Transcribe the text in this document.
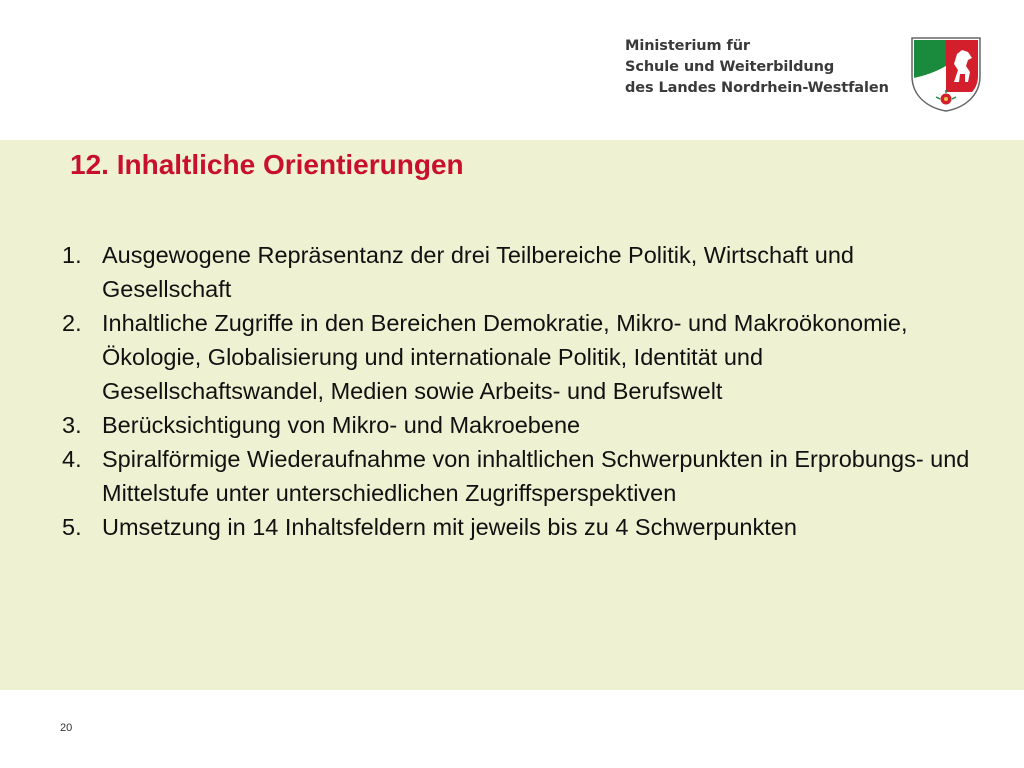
Ministerium für
Schule und Weiterbildung
des Landes Nordrhein-Westfalen
12. Inhaltliche Orientierungen
1. Ausgewogene Repräsentanz der drei Teilbereiche Politik, Wirtschaft und Gesellschaft
2. Inhaltliche Zugriffe in den Bereichen Demokratie, Mikro- und Makroökonomie, Ökologie, Globalisierung und internationale Politik, Identität und Gesellschaftswandel, Medien sowie Arbeits- und Berufswelt
3. Berücksichtigung von Mikro- und Makroebene
4. Spiralförmige Wiederaufnahme von inhaltlichen Schwerpunkten in Erprobungs- und Mittelstufe unter unterschiedlichen Zugriffsperspektiven
5. Umsetzung in 14 Inhaltsfeldern mit jeweils bis zu 4 Schwerpunkten
20
